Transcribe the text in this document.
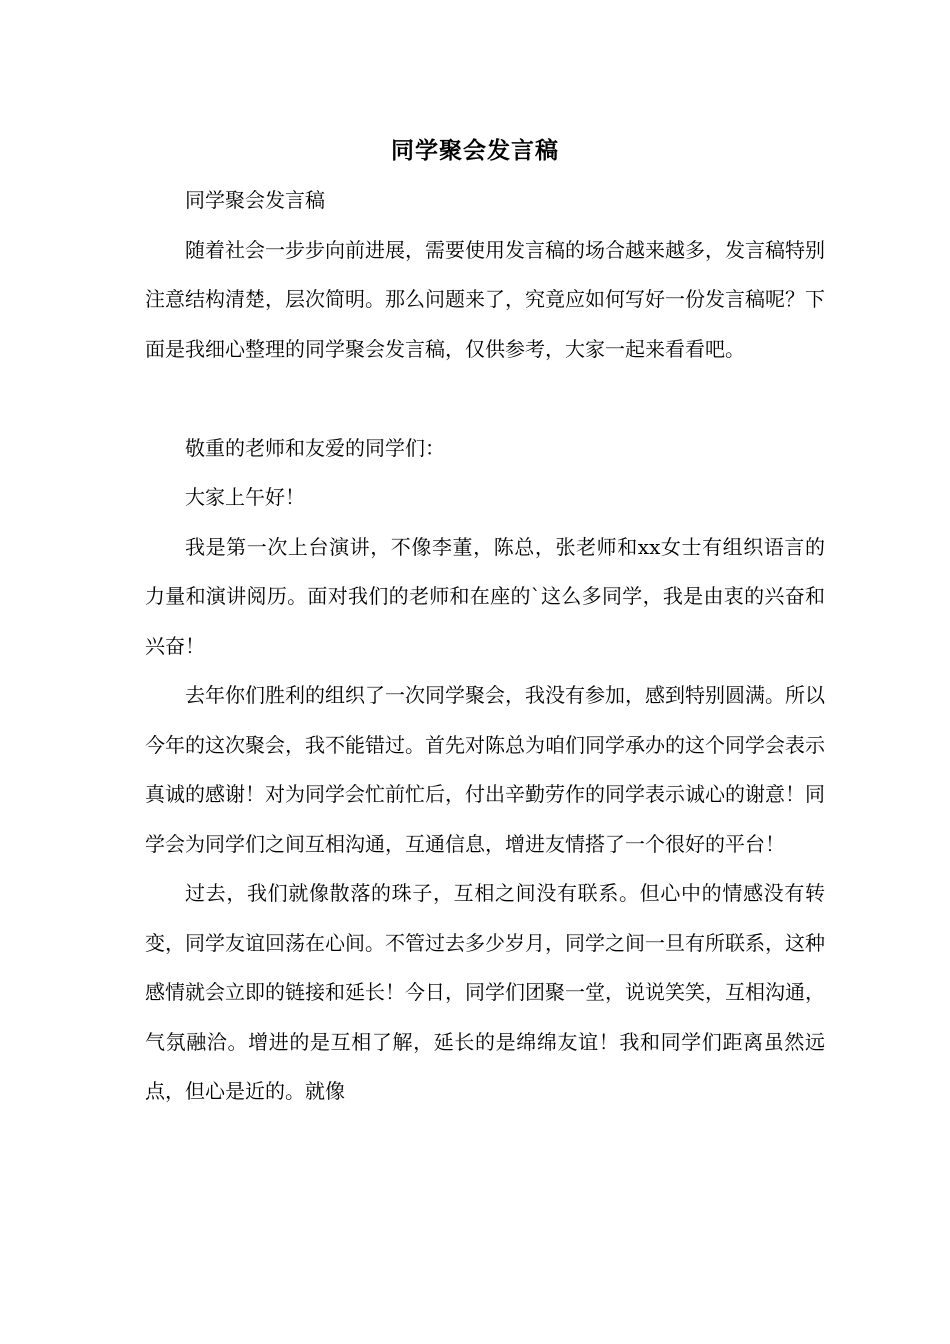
同学聚会发言稿

同学聚会发言稿

随着社会一步步向前进展，需要使用发言稿的场合越来越多，发言稿特别注意结构清楚，层次简明。那么问题来了，究竟应如何写好一份发言稿呢？下面是我细心整理的同学聚会发言稿，仅供参考，大家一起来看看吧。

敬重的老师和友爱的同学们：

大家上午好！

我是第一次上台演讲，不像李董，陈总，张老师和xx女士有组织语言的力量和演讲阅历。面对我们的老师和在座的`这么多同学，我是由衷的兴奋和兴奋！

去年你们胜利的组织了一次同学聚会，我没有参加，感到特别圆满。所以今年的这次聚会，我不能错过。首先对陈总为咱们同学承办的这个同学会表示真诚的感谢！对为同学会忙前忙后，付出辛勤劳作的同学表示诚心的谢意！同学会为同学们之间互相沟通，互通信息，增进友情搭了一个很好的平台！

过去，我们就像散落的珠子，互相之间没有联系。但心中的情感没有转变，同学友谊回荡在心间。不管过去多少岁月，同学之间一旦有所联系，这种感情就会立即的链接和延长！今日，同学们团聚一堂，说说笑笑，互相沟通，气氛融洽。增进的是互相了解，延长的是绵绵友谊！我和同学们距离虽然远点，但心是近的。就像
